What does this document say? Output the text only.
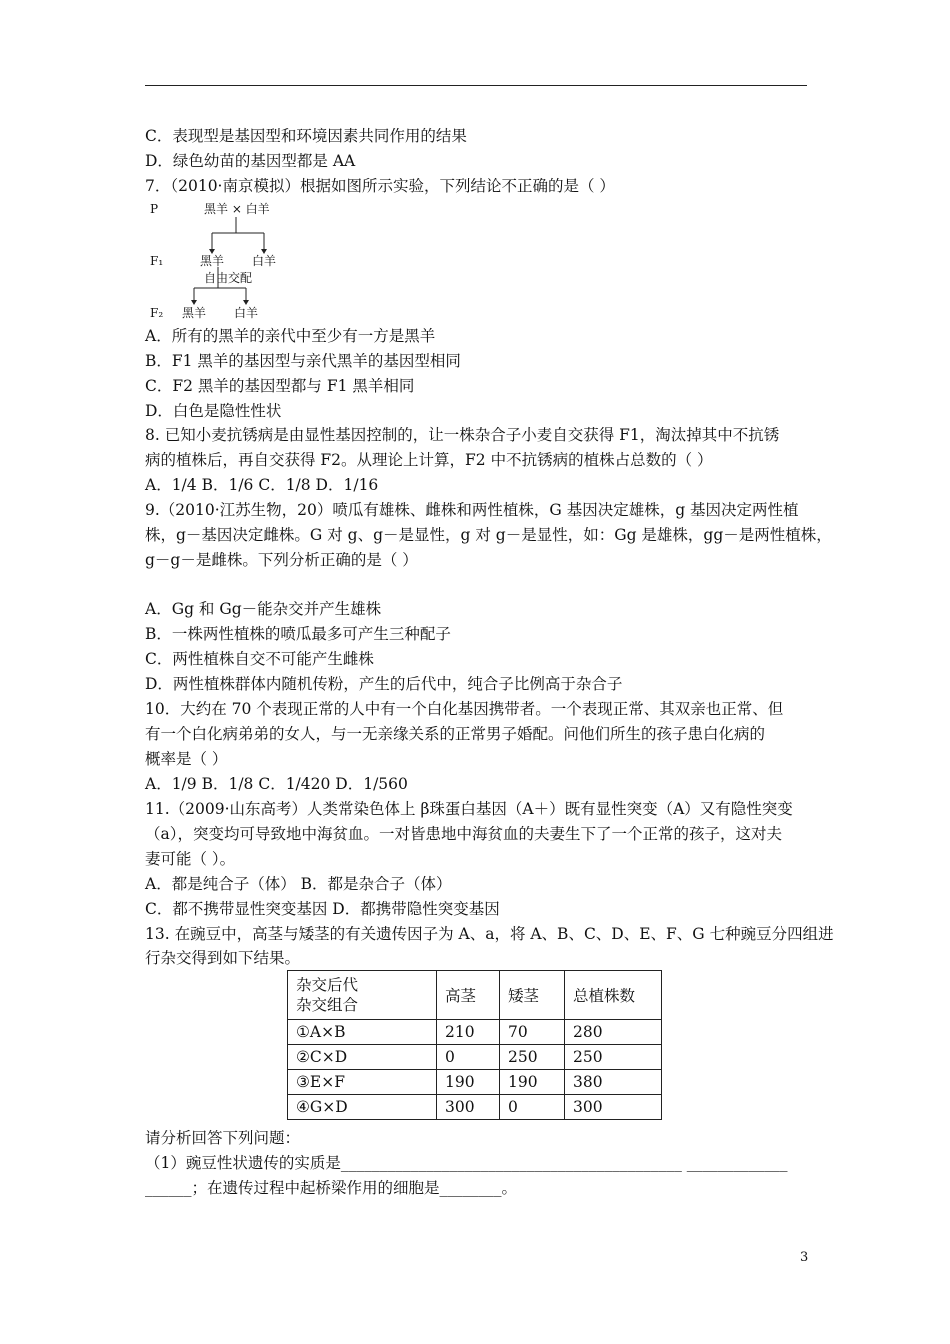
C．表现型是基因型和环境因素共同作用的结果
D．绿色幼苗的基因型都是 AA
7．（2010·南京模拟）根据如图所示实验，下列结论不正确的是（ ）
P	黑羊 × 白羊
F₁	黑羊 白羊
自由交配
F₂ 黑羊 白羊
A．所有的黑羊的亲代中至少有一方是黑羊
B．F1 黑羊的基因型与亲代黑羊的基因型相同
C．F2 黑羊的基因型都与 F1 黑羊相同
D．白色是隐性性状
8. 已知小麦抗锈病是由显性基因控制的，让一株杂合子小麦自交获得 F1，淘汰掉其中不抗锈
病的植株后，再自交获得 F2。从理论上计算，F2 中不抗锈病的植株占总数的（ ）
A．1/4 B．1/6 C．1/8 D．1/16
9.（2010·江苏生物，20）喷瓜有雄株、雌株和两性植株，G 基因决定雄株，g 基因决定两性植
株，g－基因决定雌株。G 对 g、g－是显性，g 对 g－是显性，如：Gg 是雄株，gg－是两性植株，
g－g－是雌株。下列分析正确的是（ ）
A．Gg 和 Gg－能杂交并产生雄株
B．一株两性植株的喷瓜最多可产生三种配子
C．两性植株自交不可能产生雌株
D．两性植株群体内随机传粉，产生的后代中，纯合子比例高于杂合子
10．大约在 70 个表现正常的人中有一个白化基因携带者。一个表现正常、其双亲也正常、但
有一个白化病弟弟的女人，与一无亲缘关系的正常男子婚配。问他们所生的孩子患白化病的
概率是（ ）
A．1/9 B．1/8 C．1/420 D．1/560
11.（2009·山东高考）人类常染色体上 β珠蛋白基因（A＋）既有显性突变（A）又有隐性突变
（a），突变均可导致地中海贫血。一对皆患地中海贫血的夫妻生下了一个正常的孩子，这对夫
妻可能（ ）。
A．都是纯合子（体） B．都是杂合子（体）
C．都不携带显性突变基因 D．都携带隐性突变基因
13. 在豌豆中，高茎与矮茎的有关遗传因子为 A、a，将 A、B、C、D、E、F、G 七种豌豆分四组进
行杂交得到如下结果。
杂交后代
杂交组合	高茎	矮茎	总植株数
①A×B	210	70	280
②C×D	0	250	250
③E×F	190	190	380
④G×D	300	0	300
请分析回答下列问题：
（1）豌豆性状遗传的实质是____________________________________________ _____________
______；在遗传过程中起桥梁作用的细胞是________。
3
